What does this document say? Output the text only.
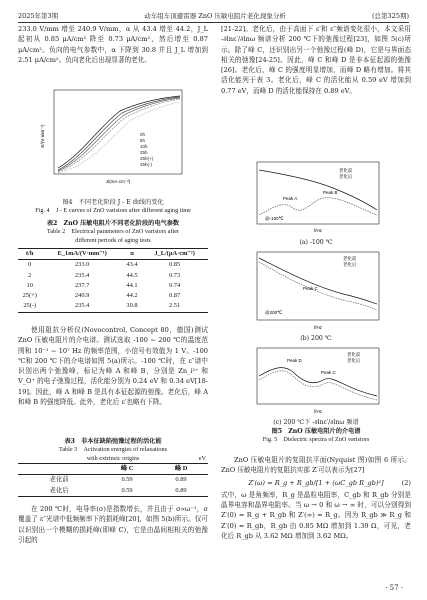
2025年第3期	动车组车顶避雷器 ZnO 压敏电阻片老化现象分析	(总第325期)

233.0 V/mm 增至 240.9 V/mm，α 从 43.4 增至 44.2，J_L 起初从 0.85 μA/cm² 降至 0.73 μA/cm²，然后增至 0.87 μA/cm²。负向的电气参数中，α 下降到 30.8 并且 J_L 增加到 2.51 μA/cm²。负向老化后出现显著的老化。

0h
5h
10h
25h
25h(+)
25h(-)
E/(V·mm⁻¹)
J/(mA·cm⁻²)
图4　不同老化阶段 J - E 曲线的变化
Fig. 4　J - E curves of ZnO varistors after different aging time
表2　ZnO 压敏电阻片不同老化阶段的电气参数
Table 2　Electrical parameters of ZnO varistors after
different periods of aging tests
t/h	E_1mA/(V·mm⁻¹)	α	J_L/(μA·cm⁻²)
0	233.0	43.4	0.85
2	235.4	44.5	0.73
10	237.7	44.1	0.74
25(+)	240.9	44.2	0.87
25(-)	235.4	30.8	2.51

使用阻抗分析仪(Novocontrol, Concept 80，德国)测试 ZnO 压敏电阻片的介电谱。测试选取 -100 ~ 200 ℃的温度范围和 10⁻¹ ~ 10⁷ Hz 的频率范围，小信号有效值为 1 V。-100 ℃和 200 ℃下的介电谱如图 5(a)所示。-100 ℃时，在 ε″谱中识别出两个弛豫峰，标记为峰 A 和峰 B，分别是 Zn_i²⁺ 和 V_O⁺ 的电子弛豫过程，活化能分别为 0.24 eV 和 0.34 eV[18-19]。因此，峰 A 和峰 B 是具有本征起源的弛豫。老化后，峰 A 和峰 B 的强度降低。此外，老化后 ε′也略有下降。

表3　非本征缺陷弛豫过程的活化能
Table 3　Activation energies of relaxations
with extrinsic origins	eV
	峰 C	峰 D
老化前	0.59	0.89
老化后	0.59	0.89

在 200 ℃时，电导率(σ)是指数增长，并且由于 σ∝ω⁻¹，σ 覆盖了 ε″光谱中低频频率下的损耗峰[20]，如图 5(b)所示。仅可以识别出一个模糊的损耗峰(即峰 C)，它是由晶间相相关的弛豫引起的

[21-22]。老化后，由于高面下 ε′和 ε″频谱变化很小，本文采用 -∂lnε′/∂lnω 频谱分析 200 ℃下的弛豫过程[23]，如图 5(c)所示。除了峰 C，还识别出另一个弛豫过程(峰 D)，它是与界面态相关的弛豫[24-25]。因此，峰 C 和峰 D 是非本征起源的弛豫[26]。老化后，峰 C 的强度明显增加，而峰 D 略有增加。将其活化能列于表 3。老化后，峰 C 的活化能从 0.59 eV 增加到 0.77 eV，而峰 D 的活化能保持在 0.89 eV。

Peak A
Peak B
老化前
老化后
@-100℃
f/Hz
(a) -100 ℃
Peak C
老化前
老化后
@200℃
f/Hz
(b) 200 ℃
Peak D
Peak C
老化前
老化后
f/Hz
(c) 200 ℃下 -∂lnε′/∂lnω 频谱
图5　ZnO 压敏电阻片的介电谱
Fig. 5　Dielectric spectra of ZnO varistors

ZnO 压敏电阻片的复阻抗平面(Nyquist 图)如图 6 所示。ZnO 压敏电阻片的复阻抗实部 Z′可以表示为[27]

Z′(ω) = R_g + R_gb/[1 + (ωC_gb R_gb)²]	(2)

式中，ω 是角频率，R_g 是晶粒电阻率，C_gb 和 R_gb 分别是晶界电容和晶界电阻率。当 ω → 0 和 ω → ∞ 时，可以分别得到 Z′(0) = R_g + R_gb 和 Z′(∞) = R_g。因为 R_gb ≫ R_g 和 Z′(0) ≈ R_gb，R_gb 由 0.85 MΩ 增加到 1.39 Ω，可见，老化后 R_gb 从 3.62 MΩ 增加到 3.62 MΩ。

· 57 ·
